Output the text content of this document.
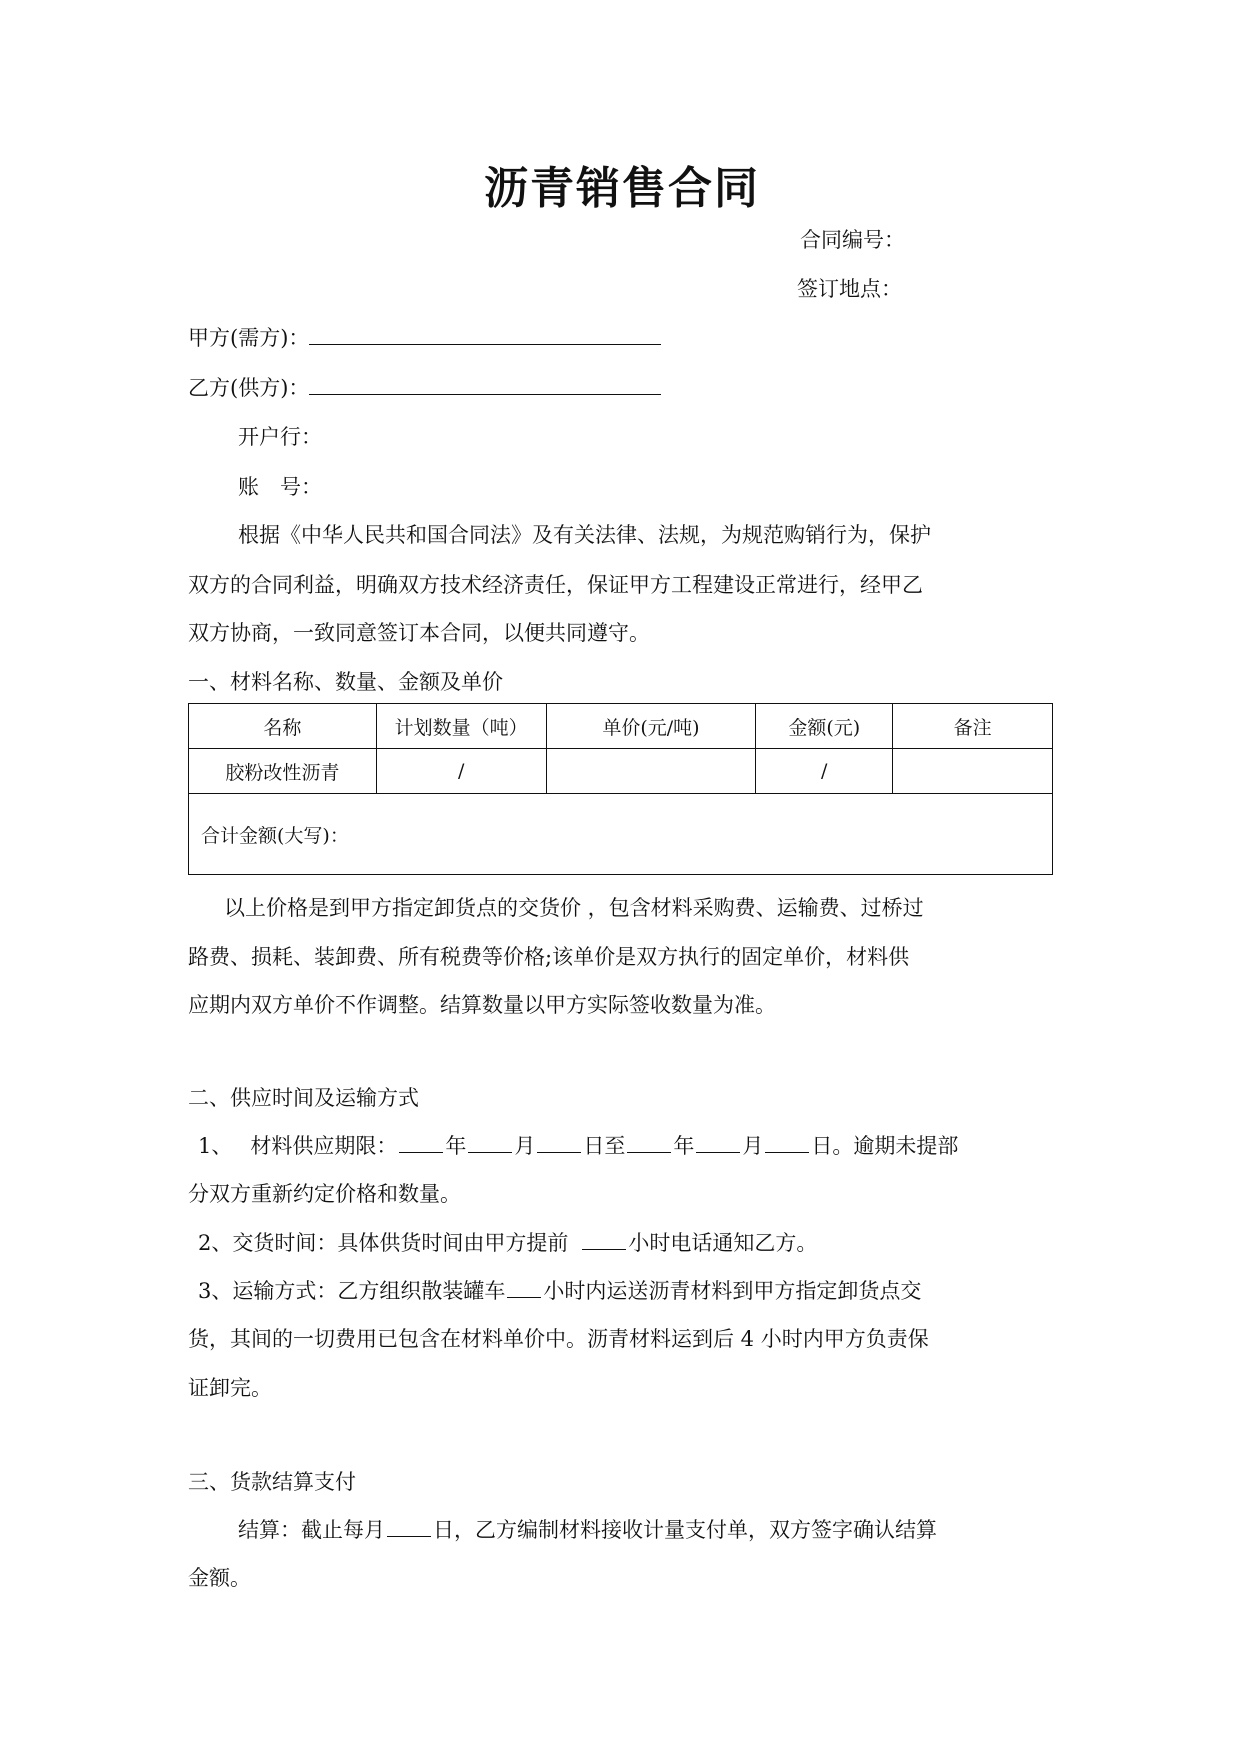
沥青销售合同
合同编号：
签订地点：
甲方(需方)：
乙方(供方)：
开户行：
账　号：
根据《中华人民共和国合同法》及有关法律、法规，为规范购销行为，保护
双方的合同利益，明确双方技术经济责任，保证甲方工程建设正常进行，经甲乙
双方协商，一致同意签订本合同，以便共同遵守。
一、材料名称、数量、金额及单价
名称	计划数量（吨）	单价(元/吨)	金额(元)	备注
胶粉改性沥青	/		/	
合计金额(大写)：				
以上价格是到甲方指定卸货点的交货价 ，包含材料采购费、运输费、过桥过
路费、损耗、装卸费、所有税费等价格;该单价是双方执行的固定单价，材料供
应期内双方单价不作调整。结算数量以甲方实际签收数量为准。
二、供应时间及运输方式
1、 材料供应期限： 年 月 日至 年 月 日。逾期未提部
分双方重新约定价格和数量。
2、交货时间：具体供货时间由甲方提前	小时电话通知乙方。
3、运输方式：乙方组织散装罐车 小时内运送沥青材料到甲方指定卸货点交
货，其间的一切费用已包含在材料单价中。沥青材料运到后 4 小时内甲方负责保
证卸完。
三、货款结算支付
结算：截止每月 日，乙方编制材料接收计量支付单，双方签字确认结算
金额。
